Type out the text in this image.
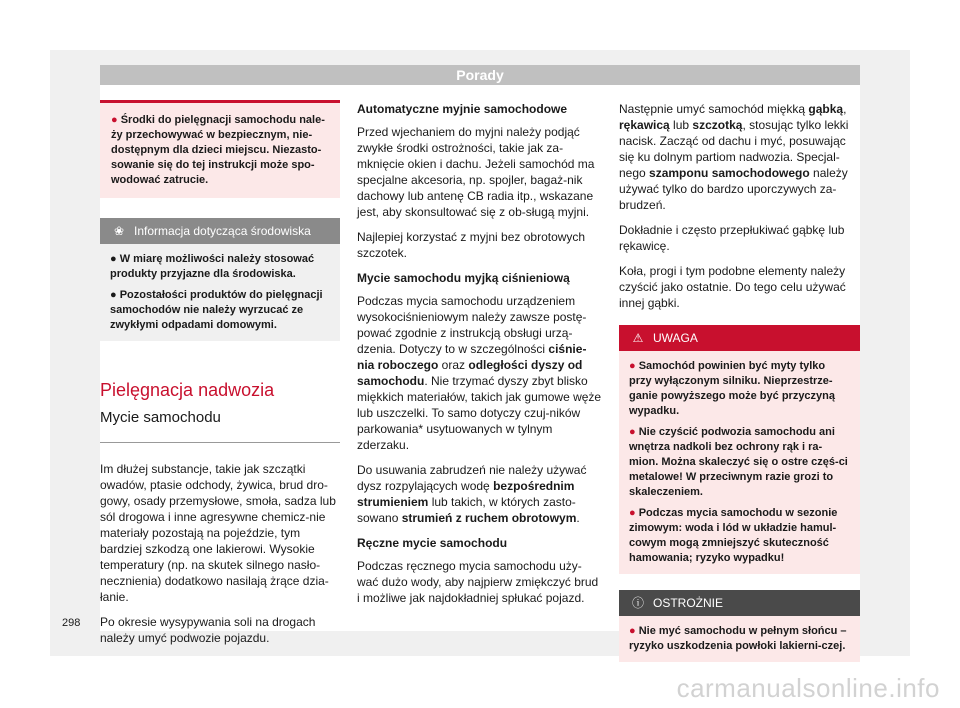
Porady
● Środki do pielęgnacji samochodu nale-żу przechowywać w bezpiecznym, nie-dostępnym dla dzieci miejscu. Niezasto-sowanie się do tej instrukcji może spo-wodować zatrucie.
❀ Informacja dotycząca środowiska

● W miarę możliwości należy stosować produkty przyjazne dla środowiska.

● Pozostałości produktów do pielęgnacji samochodów nie należy wyrzucać ze zwykłymi odpadami domowymi.

Pielęgnacja nadwozia
Mycie samochodu

Im dłużej substancje, takie jak szczątki owadów, ptasie odchody, żywica, brud dro-gowy, osady przemysłowe, smoła, sadza lub sól drogowa i inne agresywne chemicz-nie materiały pozostają na pojeździe, tym bardziej szkodzą one lakierowi. Wysokie temperatury (np. na skutek silnego nasło-necznienia) dodatkowo nasilają żrące dzia-łanie.

Po okresie wysypywania soli na drogach należy umyć podwozie pojazdu.

Automatyczne myjnie samochodowe

Przed wjechaniem do myjni należy podjąć zwykłe środki ostrożności, takie jak za-mknięcie okien i dachu. Jeżeli samochód ma specjalne akcesoria, np. spojler, bagaż-nik dachowy lub antenę CB radia itp., wskazane jest, aby skonsultować się z ob-sługą myjni.

Najlepiej korzystać z myjni bez obrotowych szczotek.

Mycie samochodu myjką ciśnieniową

Podczas mycia samochodu urządzeniem wysokociśnieniowym należy zawsze postę-pować zgodnie z instrukcją obsługi urzą-dzenia. Dotyczy to w szczególności ciśnie-nia roboczego oraz odległości dyszy od samochodu. Nie trzymać dyszy zbyt blisko miękkich materiałów, takich jak gumowe węże lub uszczelki. To samo dotyczy czuj-ników parkowania* usytuowanych w tylnym zderzaku.

Do usuwania zabrudzeń nie należy używać dysz rozpylających wodę bezpośrednim strumieniem lub takich, w których zasto-sowano strumień z ruchem obrotowym.

Ręczne mycie samochodu

Podczas ręcznego mycia samochodu uży-wać dużo wody, aby najpierw zmiękczyć brud i możliwe jak najdokładniej spłukać pojazd.

Następnie umyć samochód miękką gąbką, rękawicą lub szczotką, stosując tylko lekki nacisk. Zacząć od dachu i myć, posuwając się ku dolnym partiom nadwozia. Specjal-nego szamponu samochodowego należy używać tylko do bardzo uporczywych za-brudzeń.

Dokładnie i często przepłukiwać gąbkę lub rękawicę.

Koła, progi i tym podobne elementy należy czyścić jako ostatnie. Do tego celu używać innej gąbki.

⚠ UWAGA

● Samochód powinien być myty tylko przy wyłączonym silniku. Nieprzestrze-ganie powyższego może być przyczyną wypadku.

● Nie czyścić podwozia samochodu ani wnętrza nadkoli bez ochrony rąk i ra-mion. Można skaleczyć się o ostre częś-ci metalowe! W przeciwnym razie grozi to skaleczeniem.

● Podczas mycia samochodu w sezonie zimowym: woda i lód w układzie hamul-cowym mogą zmniejszyć skuteczność hamowania; ryzyko wypadku!

ⓘ OSTROŻNIE

● Nie myć samochodu w pełnym słońcu – ryzyko uszkodzenia powłoki lakierni-czej.

298
carmanualsonline.info
